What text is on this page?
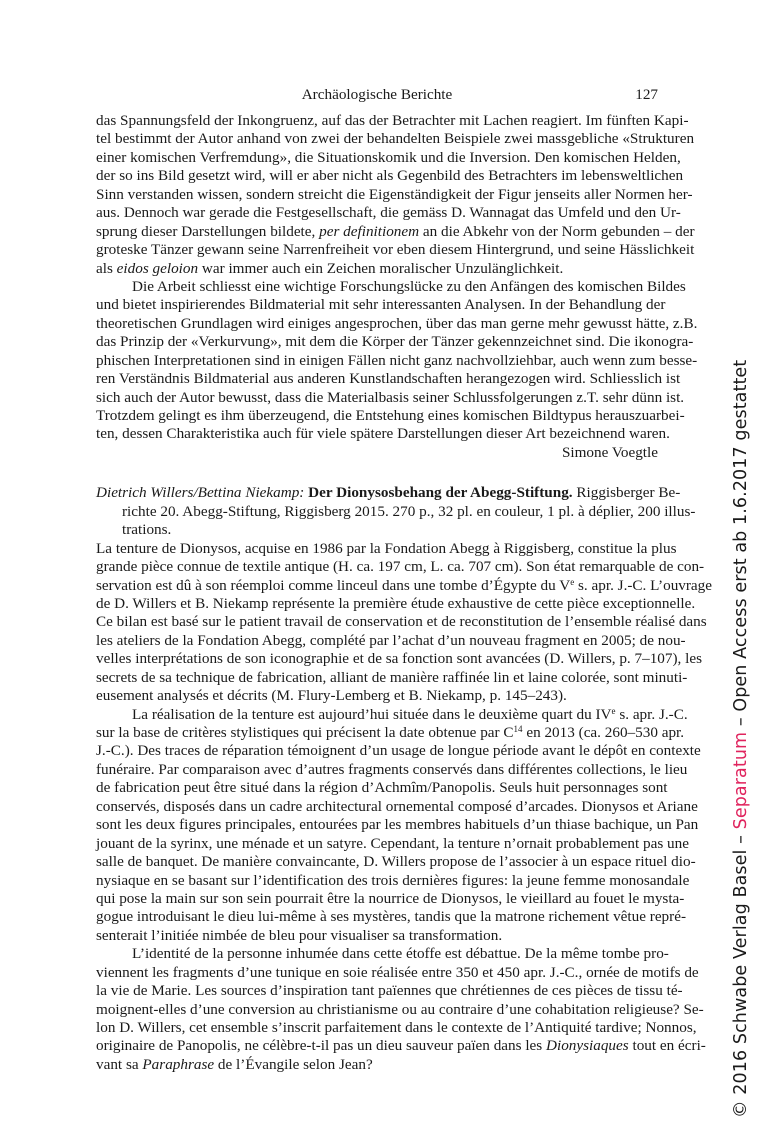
Archäologische Berichte	127
das Spannungsfeld der Inkongruenz, auf das der Betrachter mit Lachen reagiert. Im fünften Kapi-
tel bestimmt der Autor anhand von zwei der behandelten Beispiele zwei massgebliche «Strukturen
einer komischen Verfremdung», die Situationskomik und die Inversion. Den komischen Helden,
der so ins Bild gesetzt wird, will er aber nicht als Gegenbild des Betrachters im lebensweltlichen
Sinn verstanden wissen, sondern streicht die Eigenständigkeit der Figur jenseits aller Normen her-
aus. Dennoch war gerade die Festgesellschaft, die gemäss D. Wannagat das Umfeld und den Ur-
sprung dieser Darstellungen bildete, per definitionem an die Abkehr von der Norm gebunden – der
groteske Tänzer gewann seine Narrenfreiheit vor eben diesem Hintergrund, und seine Hässlichkeit
als eidos geloion war immer auch ein Zeichen moralischer Unzulänglichkeit.
Die Arbeit schliesst eine wichtige Forschungslücke zu den Anfängen des komischen Bildes
und bietet inspirierendes Bildmaterial mit sehr interessanten Analysen. In der Behandlung der
theoretischen Grundlagen wird einiges angesprochen, über das man gerne mehr gewusst hätte, z.B.
das Prinzip der «Verkurvung», mit dem die Körper der Tänzer gekennzeichnet sind. Die ikonogra-
phischen Interpretationen sind in einigen Fällen nicht ganz nachvollziehbar, auch wenn zum besse-
ren Verständnis Bildmaterial aus anderen Kunstlandschaften herangezogen wird. Schliesslich ist
sich auch der Autor bewusst, dass die Materialbasis seiner Schlussfolgerungen z.T. sehr dünn ist.
Trotzdem gelingt es ihm überzeugend, die Entstehung eines komischen Bildtypus herauszuarbei-
ten, dessen Charakteristika auch für viele spätere Darstellungen dieser Art bezeichnend waren.
Simone Voegtle
Dietrich Willers/Bettina Niekamp: Der Dionysosbehang der Abegg-Stiftung. Riggisberger Be-
richte 20. Abegg-Stiftung, Riggisberg 2015. 270 p., 32 pl. en couleur, 1 pl. à déplier, 200 illus-
trations.
La tenture de Dionysos, acquise en 1986 par la Fondation Abegg à Riggisberg, constitue la plus
grande pièce connue de textile antique (H. ca. 197 cm, L. ca. 707 cm). Son état remarquable de con-
servation est dû à son réemploi comme linceul dans une tombe d’Égypte du Ve s. apr. J.-C. L’ouvrage
de D. Willers et B. Niekamp représente la première étude exhaustive de cette pièce exceptionnelle.
Ce bilan est basé sur le patient travail de conservation et de reconstitution de l’ensemble réalisé dans
les ateliers de la Fondation Abegg, complété par l’achat d’un nouveau fragment en 2005; de nou-
velles interprétations de son iconographie et de sa fonction sont avancées (D. Willers, p. 7–107), les
secrets de sa technique de fabrication, alliant de manière raffinée lin et laine colorée, sont minuti-
eusement analysés et décrits (M. Flury-Lemberg et B. Niekamp, p. 145–243).
La réalisation de la tenture est aujourd’hui située dans le deuxième quart du IVe s. apr. J.-C.
sur la base de critères stylistiques qui précisent la date obtenue par $C^{14}$ en 2013 (ca. 260–530 apr.
J.-C.). Des traces de réparation témoignent d’un usage de longue période avant le dépôt en contexte
funéraire. Par comparaison avec d’autres fragments conservés dans différentes collections, le lieu
de fabrication peut être situé dans la région d’Achmîm/Panopolis. Seuls huit personnages sont
conservés, disposés dans un cadre architectural ornemental composé d’arcades. Dionysos et Ariane
sont les deux figures principales, entourées par les membres habituels d’un thiase bachique, un Pan
jouant de la syrinx, une ménade et un satyre. Cependant, la tenture n’ornait probablement pas une
salle de banquet. De manière convaincante, D. Willers propose de l’associer à un espace rituel dio-
nysiaque en se basant sur l’identification des trois dernières figures: la jeune femme monosandale
qui pose la main sur son sein pourrait être la nourrice de Dionysos, le vieillard au fouet le mysta-
gogue introduisant le dieu lui-même à ses mystères, tandis que la matrone richement vêtue repré-
senterait l’initiée nimbée de bleu pour visualiser sa transformation.
L’identité de la personne inhumée dans cette étoffe est débattue. De la même tombe pro-
viennent les fragments d’une tunique en soie réalisée entre 350 et 450 apr. J.-C., ornée de motifs de
la vie de Marie. Les sources d’inspiration tant païennes que chrétiennes de ces pièces de tissu té-
moignent-elles d’une conversion au christianisme ou au contraire d’une cohabitation religieuse? Se-
lon D. Willers, cet ensemble s’inscrit parfaitement dans le contexte de l’Antiquité tardive; Nonnos,
originaire de Panopolis, ne célèbre-t-il pas un dieu sauveur païen dans les Dionysiaques tout en écri-
vant sa Paraphrase de l’Évangile selon Jean?	© 2016 Schwabe Verlag Basel – Separatum – Open Access erst ab 1.6.2017 gestattet
